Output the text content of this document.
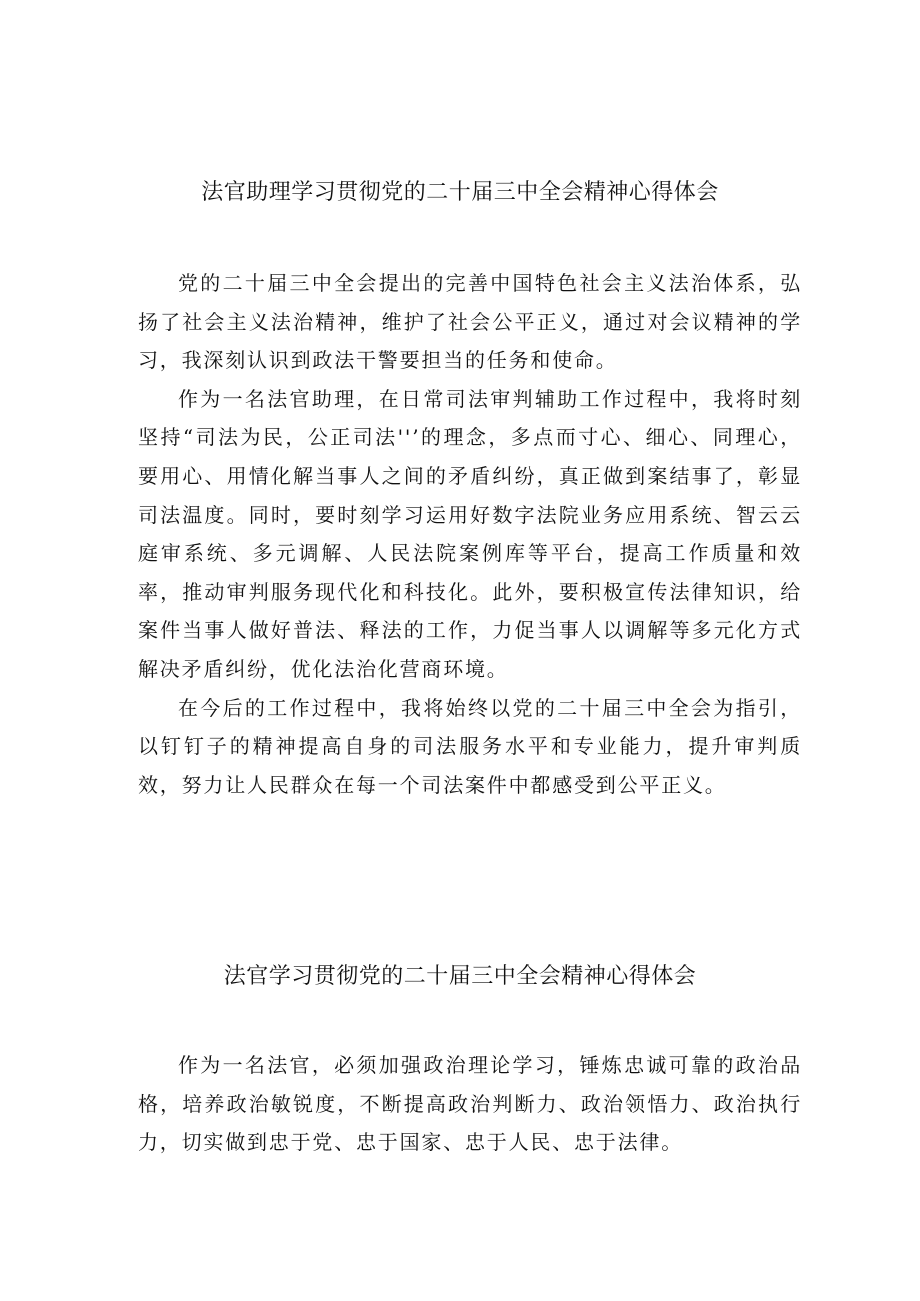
法官助理学习贯彻党的二十届三中全会精神心得体会

党的二十届三中全会提出的完善中国特色社会主义法治体系，弘扬了社会主义法治精神，维护了社会公平正义，通过对会议精神的学习，我深刻认识到政法干警要担当的任务和使命。

作为一名法官助理，在日常司法审判辅助工作过程中，我将时刻坚持“司法为民，公正司法''’的理念，多点而寸心、细心、同理心，要用心、用情化解当事人之间的矛盾纠纷，真正做到案结事了，彰显司法温度。同时，要时刻学习运用好数字法院业务应用系统、智云云庭审系统、多元调解、人民法院案例库等平台，提高工作质量和效率，推动审判服务现代化和科技化。此外，要积极宣传法律知识，给案件当事人做好普法、释法的工作，力促当事人以调解等多元化方式解决矛盾纠纷，优化法治化营商环境。

在今后的工作过程中，我将始终以党的二十届三中全会为指引，以钉钉子的精神提高自身的司法服务水平和专业能力，提升审判质效，努力让人民群众在每一个司法案件中都感受到公平正义。

法官学习贯彻党的二十届三中全会精神心得体会

作为一名法官，必须加强政治理论学习，锤炼忠诚可靠的政治品格，培养政治敏锐度，不断提高政治判断力、政治领悟力、政治执行力，切实做到忠于党、忠于国家、忠于人民、忠于法律。
